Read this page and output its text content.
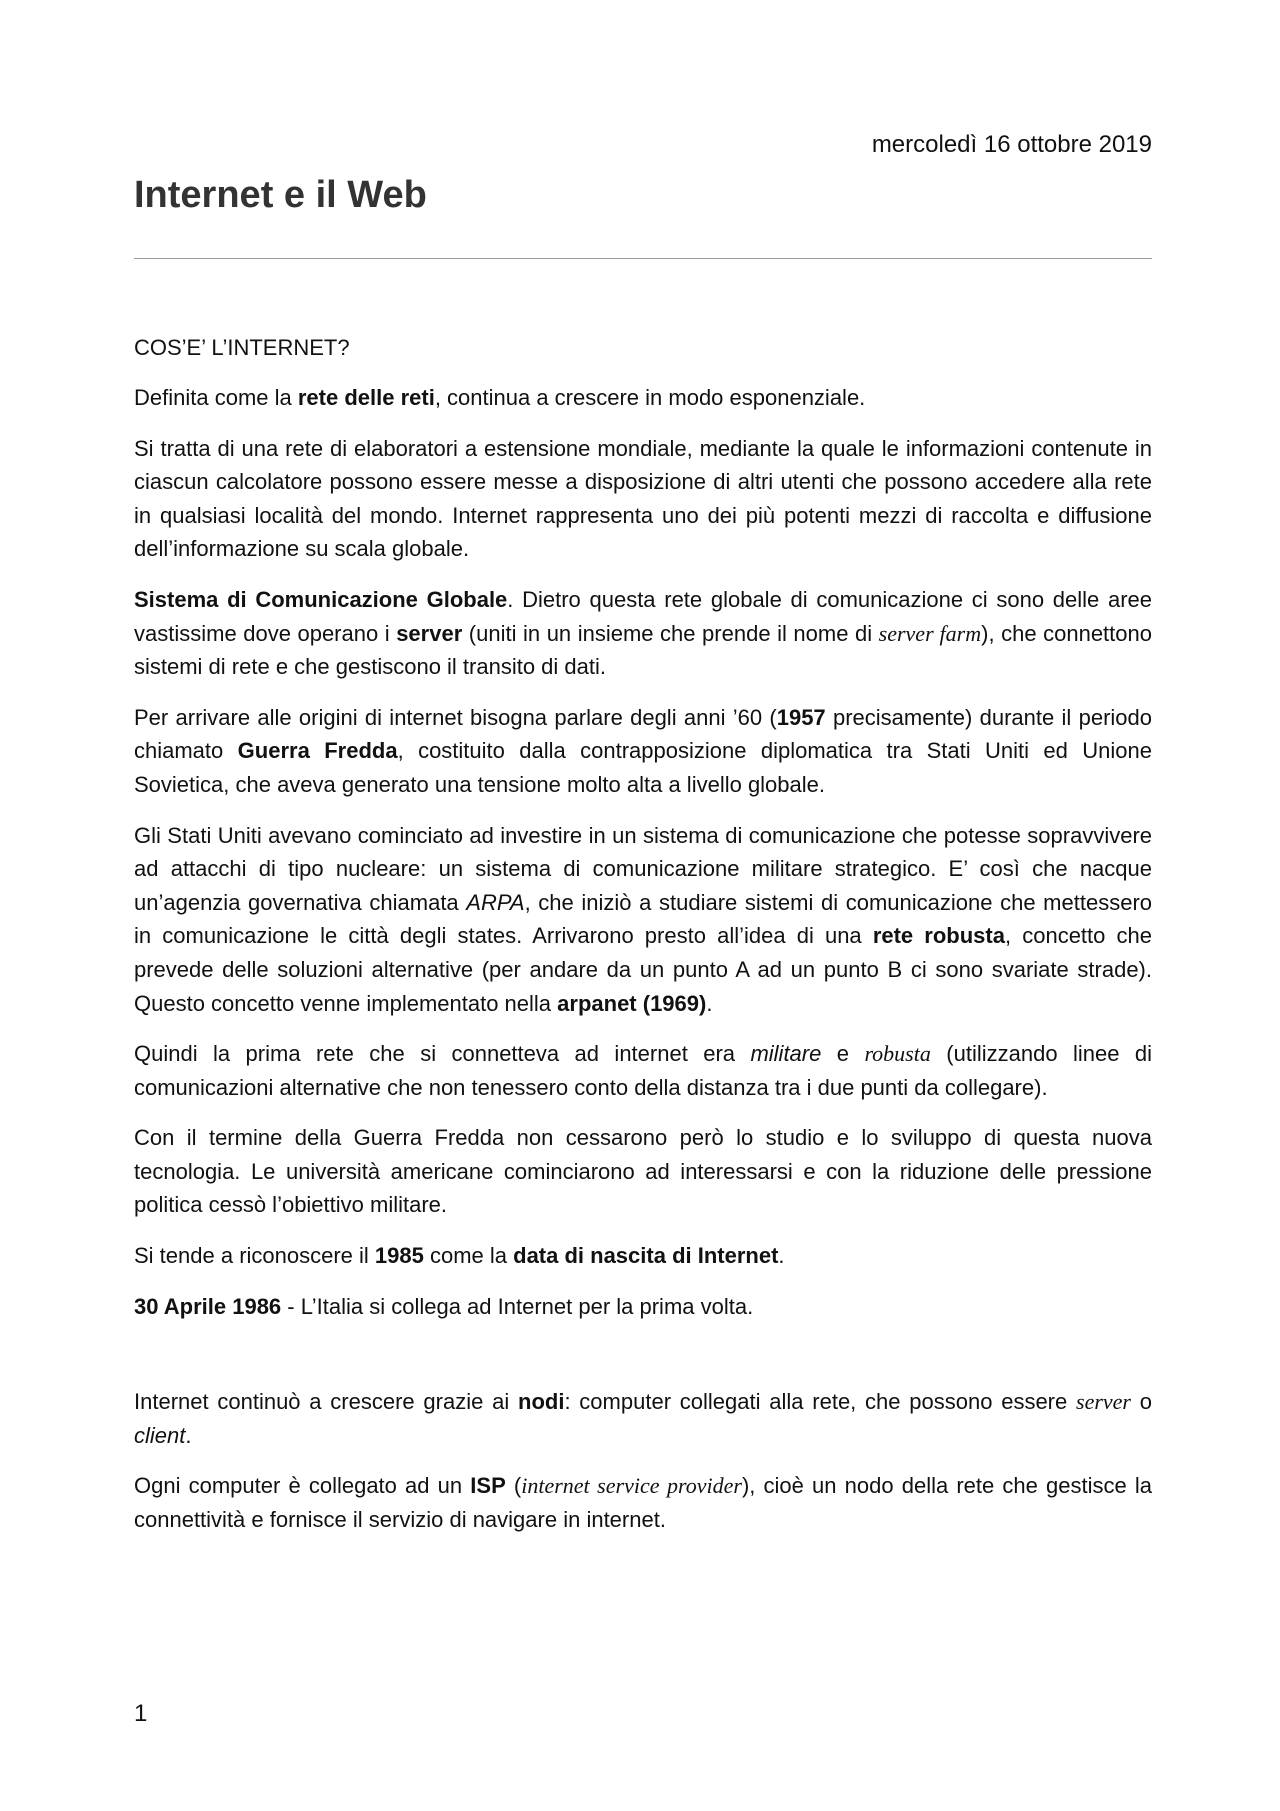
mercoledì 16 ottobre 2019
Internet e il Web
COS’E’ L’INTERNET?

Definita come la rete delle reti, continua a crescere in modo esponenziale.

Si tratta di una rete di elaboratori a estensione mondiale, mediante la quale le informazioni contenute in ciascun calcolatore possono essere messe a disposizione di altri utenti che possono accedere alla rete in qualsiasi località del mondo. Internet rappresenta uno dei più potenti mezzi di raccolta e diffusione dell’informazione su scala globale.

Sistema di Comunicazione Globale. Dietro questa rete globale di comunicazione ci sono delle aree vastissime dove operano i server (uniti in un insieme che prende il nome di server farm), che connettono sistemi di rete e che gestiscono il transito di dati.

Per arrivare alle origini di internet bisogna parlare degli anni ’60 (1957 precisamente) durante il periodo chiamato Guerra Fredda, costituito dalla contrapposizione diplomatica tra Stati Uniti ed Unione Sovietica, che aveva generato una tensione molto alta a livello globale.

Gli Stati Uniti avevano cominciato ad investire in un sistema di comunicazione che potesse sopravvivere ad attacchi di tipo nucleare: un sistema di comunicazione militare strategico. E’ così che nacque un’agenzia governativa chiamata ARPA, che iniziò a studiare sistemi di comunicazione che mettessero in comunicazione le città degli states. Arrivarono presto all’idea di una rete robusta, concetto che prevede delle soluzioni alternative (per andare da un punto A ad un punto B ci sono svariate strade). Questo concetto venne implementato nella arpanet (1969).

Quindi la prima rete che si connetteva ad internet era militare e robusta (utilizzando linee di comunicazioni alternative che non tenessero conto della distanza tra i due punti da collegare).

Con il termine della Guerra Fredda non cessarono però lo studio e lo sviluppo di questa nuova tecnologia. Le università americane cominciarono ad interessarsi e con la riduzione delle pressione politica cessò l’obiettivo militare.

Si tende a riconoscere il 1985 come la data di nascita di Internet.

30 Aprile 1986 - L’Italia si collega ad Internet per la prima volta.

Internet continuò a crescere grazie ai nodi: computer collegati alla rete, che possono essere server o client.

Ogni computer è collegato ad un ISP (internet service provider), cioè un nodo della rete che gestisce la connettività e fornisce il servizio di navigare in internet.

1
